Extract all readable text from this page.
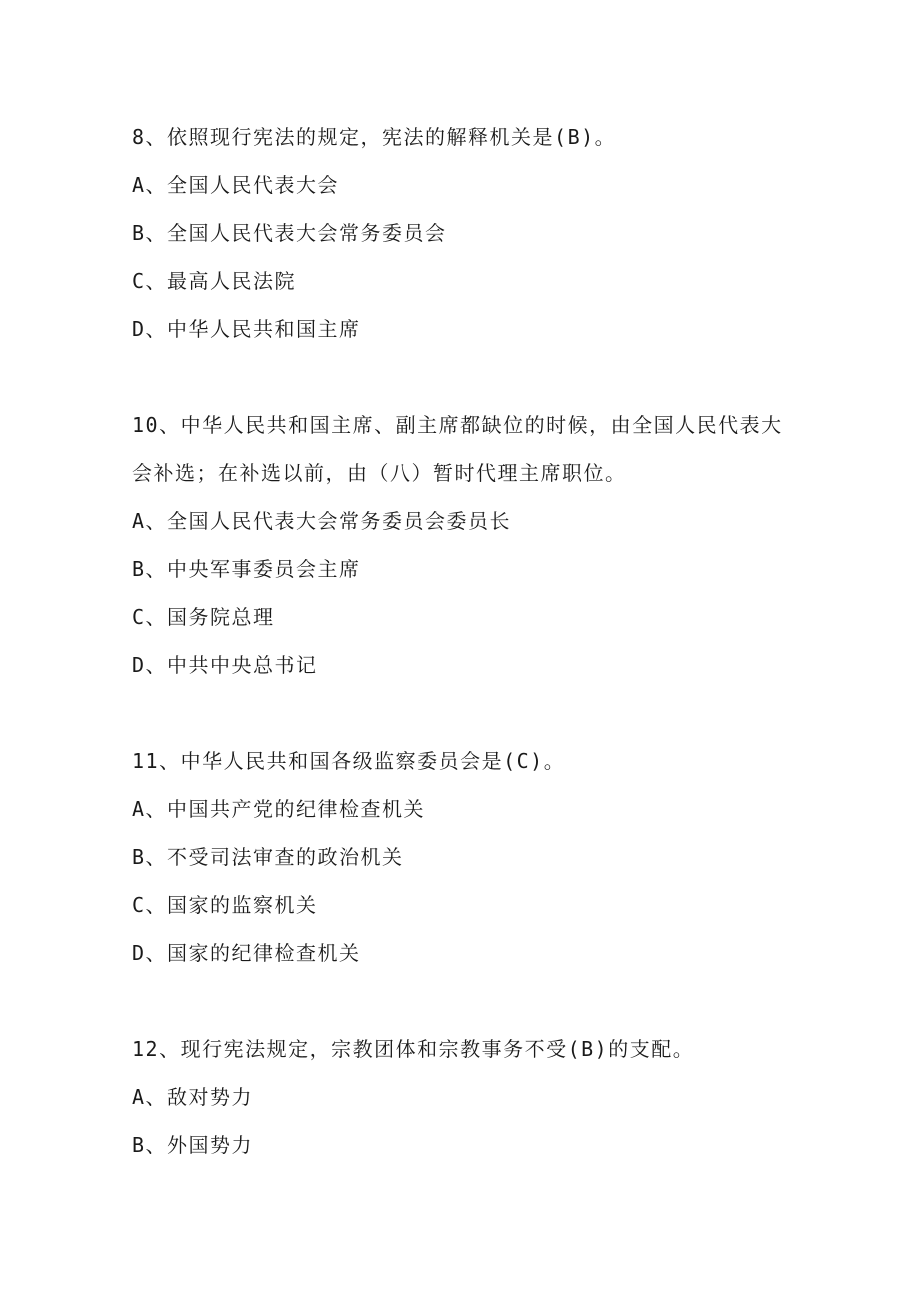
8、依照现行宪法的规定，宪法的解释机关是(B)。
A、全国人民代表大会
B、全国人民代表大会常务委员会
C、最高人民法院
D、中华人民共和国主席
10、中华人民共和国主席、副主席都缺位的时候，由全国人民代表大
会补选；在补选以前，由（八）暂时代理主席职位。
A、全国人民代表大会常务委员会委员长
B、中央军事委员会主席
C、国务院总理
D、中共中央总书记
11、中华人民共和国各级监察委员会是(C)。
A、中国共产党的纪律检查机关
B、不受司法审查的政治机关
C、国家的监察机关
D、国家的纪律检查机关
12、现行宪法规定，宗教团体和宗教事务不受(B)的支配。
A、敌对势力
B、外国势力
